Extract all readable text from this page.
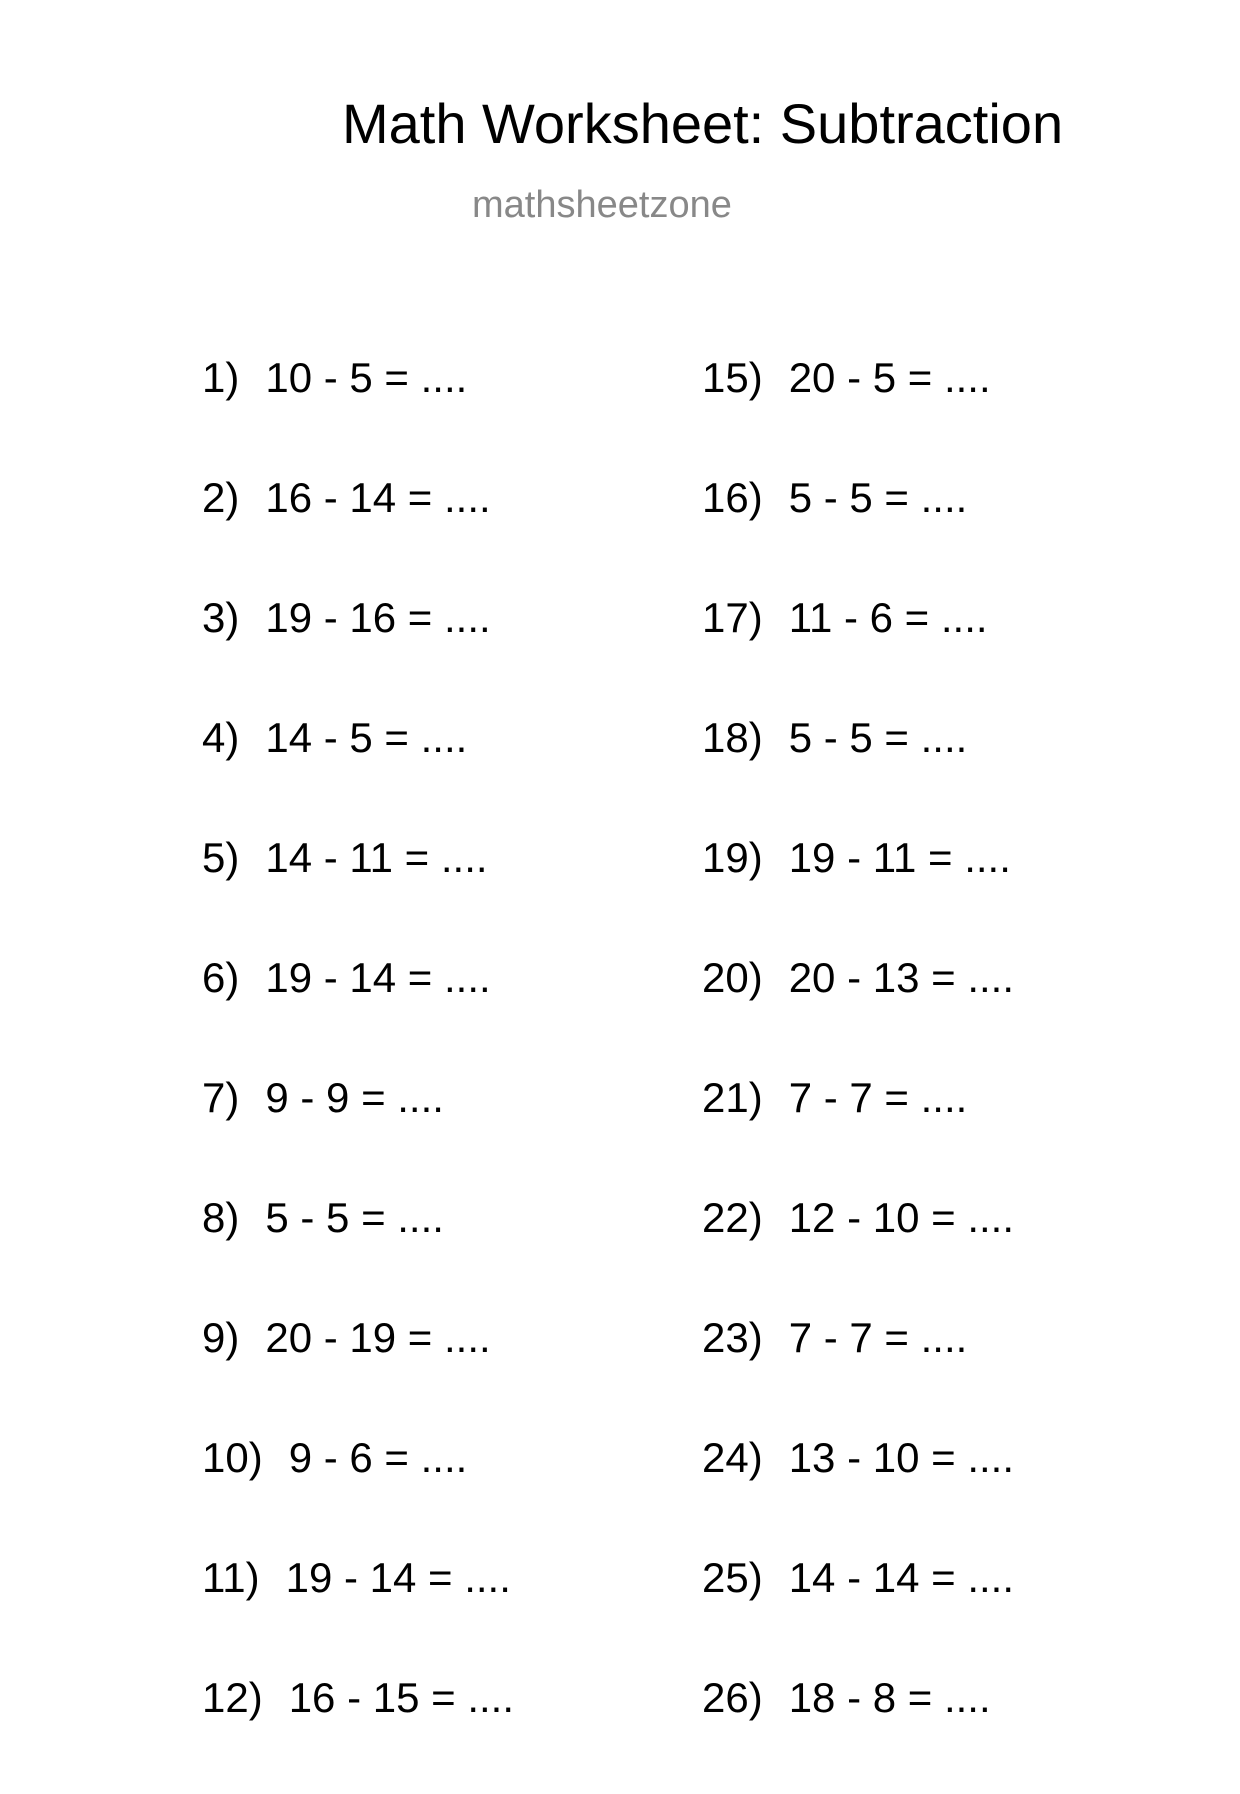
Math Worksheet: Subtraction
mathsheetzone
1) 10 - 5 = ....
2) 16 - 14 = ....
3) 19 - 16 = ....
4) 14 - 5 = ....
5) 14 - 11 = ....
6) 19 - 14 = ....
7) 9 - 9 = ....
8) 5 - 5 = ....
9) 20 - 19 = ....
10) 9 - 6 = ....
11) 19 - 14 = ....
12) 16 - 15 = ....
15) 20 - 5 = ....
16) 5 - 5 = ....
17) 11 - 6 = ....
18) 5 - 5 = ....
19) 19 - 11 = ....
20) 20 - 13 = ....
21) 7 - 7 = ....
22) 12 - 10 = ....
23) 7 - 7 = ....
24) 13 - 10 = ....
25) 14 - 14 = ....
26) 18 - 8 = ....
